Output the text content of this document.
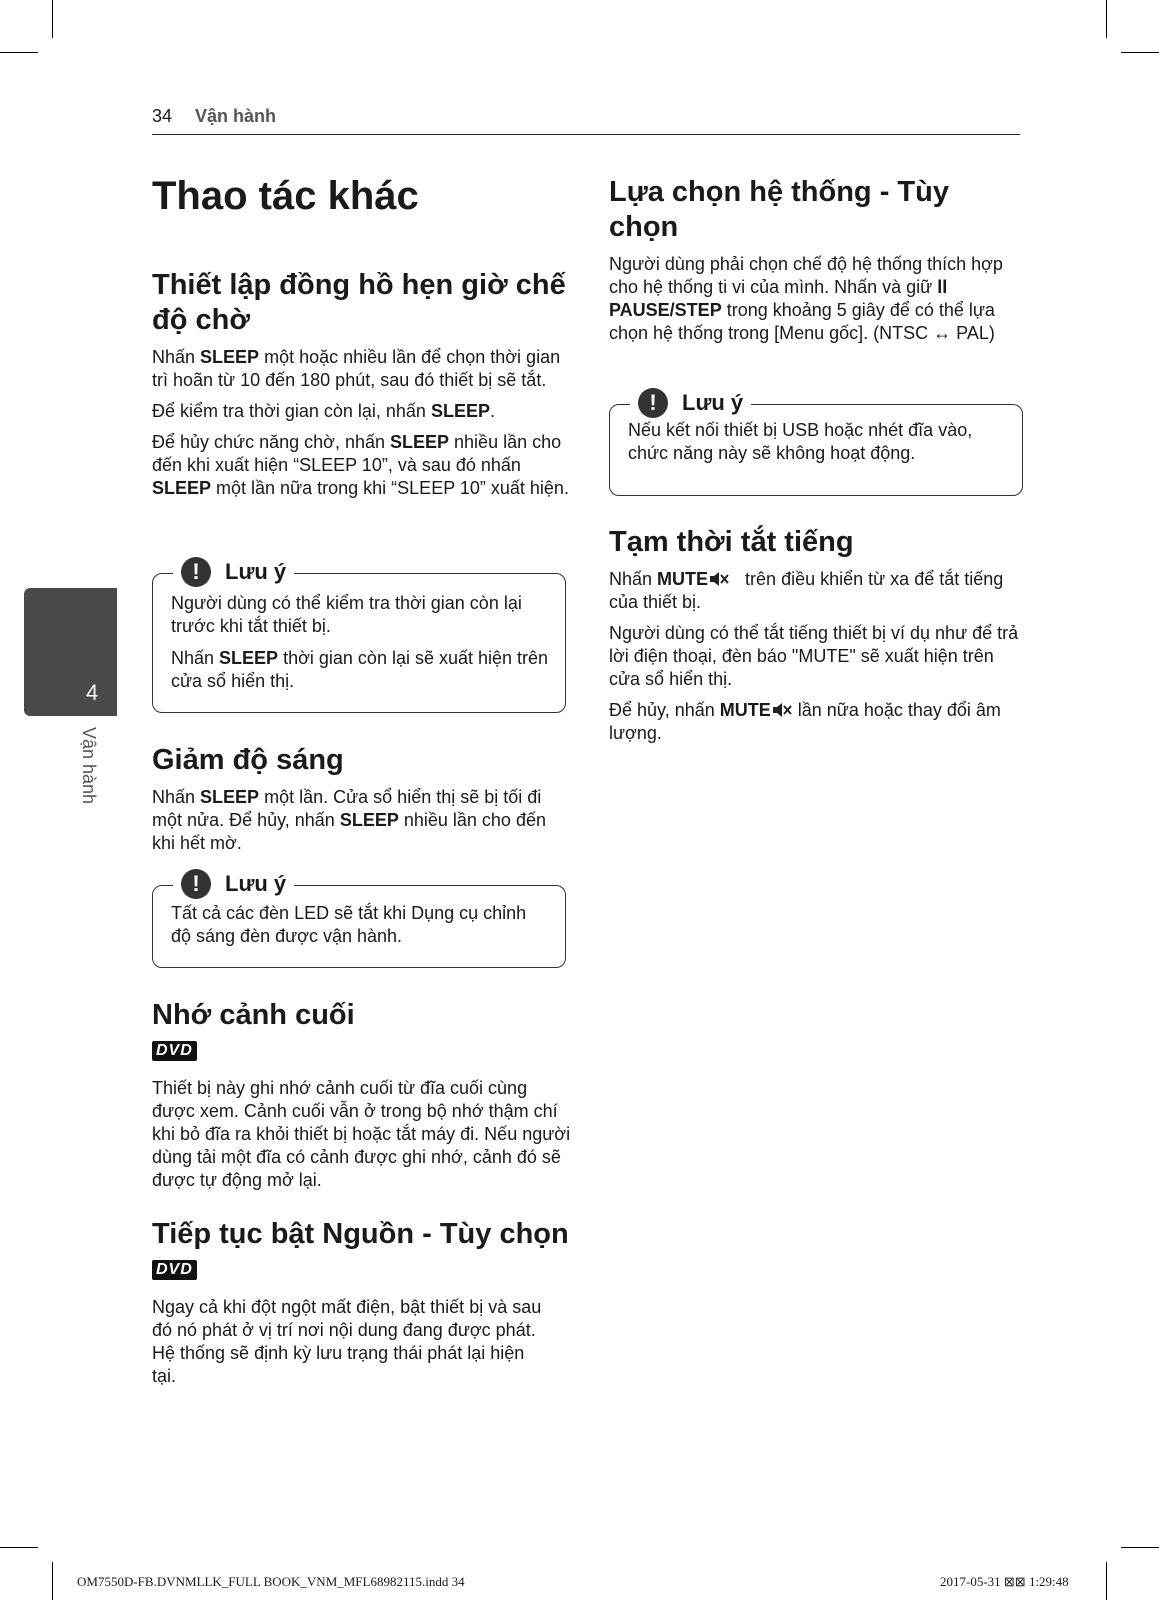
34 Vận hành
4
Vận hành
Thao tác khác
Thiết lập đồng hồ hẹn giờ chế độ chờ

Nhấn SLEEP một hoặc nhiều lần để chọn thời gian trì hoãn từ 10 đến 180 phút, sau đó thiết bị sẽ tắt.

Để kiểm tra thời gian còn lại, nhấn SLEEP.

Để hủy chức năng chờ, nhấn SLEEP nhiều lần cho đến khi xuất hiện “SLEEP 10”, và sau đó nhấn  SLEEP một lần nữa trong khi “SLEEP 10” xuất hiện.

!	Lưu ý

Người dùng có thể kiểm tra thời gian còn lại trước khi tắt thiết bị.

Nhấn SLEEP thời gian còn lại sẽ xuất hiện trên cửa sổ hiển thị.

Giảm độ sáng

Nhấn SLEEP một lần. Cửa sổ hiển thị sẽ bị tối đi một nửa. Để hủy, nhấn SLEEP nhiều lần cho đến khi hết mờ.

!	Lưu ý

Tất cả các đèn LED sẽ tắt khi Dụng cụ chỉnh độ sáng đèn được vận hành.

Nhớ cảnh cuối
DVD

Thiết bị này ghi nhớ cảnh cuối từ đĩa cuối cùng được xem. Cảnh cuối vẫn ở trong bộ nhớ thậm chí khi bỏ đĩa ra khỏi thiết bị hoặc tắt máy đi. Nếu người dùng tải một đĩa có cảnh được ghi nhớ, cảnh đó sẽ được tự động mở lại.

Tiếp tục bật Nguồn - Tùy chọn
DVD

Ngay cả khi đột ngột mất điện, bật thiết bị và sau đó nó phát ở vị trí nơi nội dung đang được phát. Hệ thống sẽ định kỳ lưu trạng thái phát lại hiện tại.

Lựa chọn hệ thống - Tùy chọn

Người dùng phải chọn chế độ hệ thống thích hợp cho hệ thống ti vi của mình. Nhấn và giữ ll PAUSE/STEP trong khoảng 5 giây để có thể lựa chọn hệ thống trong [Menu gốc]. (NTSC ↔ PAL)

!	Lưu ý

Nếu kết nối thiết bị USB hoặc nhét đĩa vào, chức năng này sẽ không hoạt động.

Tạm thời tắt tiếng

Nhấn MUTE   trên điều khiển từ xa để tắt tiếng của thiết bị.

Người dùng có thể tắt tiếng thiết bị ví dụ như để trả lời điện thoại, đèn báo "MUTE" sẽ xuất hiện trên cửa sổ hiển thị.

Để hủy, nhấn MUTE lần nữa hoặc thay đổi âm lượng.

OM7550D-FB.DVNMLLK_FULL BOOK_VNM_MFL68982115.indd 34	2017-05-31 ⊠⊠ 1:29:48
